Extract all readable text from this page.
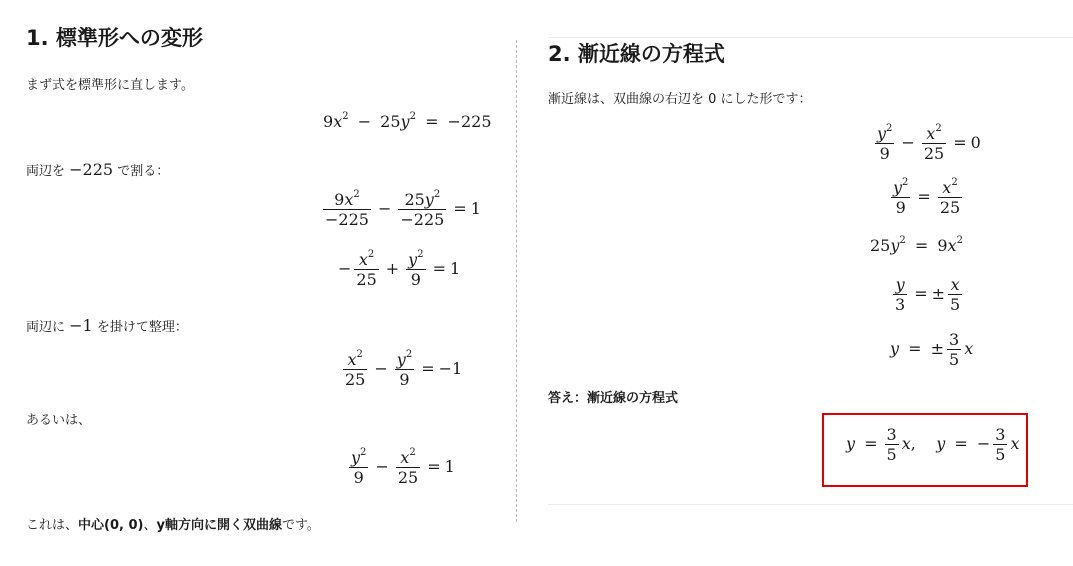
1. 標準形への変形
まず式を標準形に直します。
$9x^2 - 25y^2 = -225$
両辺を −225 で割る：
$\frac{9x^2}{-225} - \frac{25y^2}{-225} = 1$
− $\frac{x^2}{25} + \frac{y^2}{9} = 1$
両辺に −1 を掛けて整理：
$\frac{x^2}{25} - \frac{y^2}{9} = -1$
あるいは、
$\frac{y^2}{9} - \frac{x^2}{25} = 1$
これは、中心(0, 0)、y軸方向に開く双曲線です。
2. 漸近線の方程式
漸近線は、双曲線の右辺を 0 にした形です：
$\frac{y^2}{9} - \frac{x^2}{25} = 0$
$\frac{y^2}{9} = \frac{x^2}{25}$
$25y^2 = 9x^2$
$\frac{y}{3}$ = ± $\frac{x}{5}$
y = ± $\frac{3}{5}$ x
答え：漸近線の方程式
$y = \frac{3}{5} x$,    y = − $\frac{3}{5}$ x
